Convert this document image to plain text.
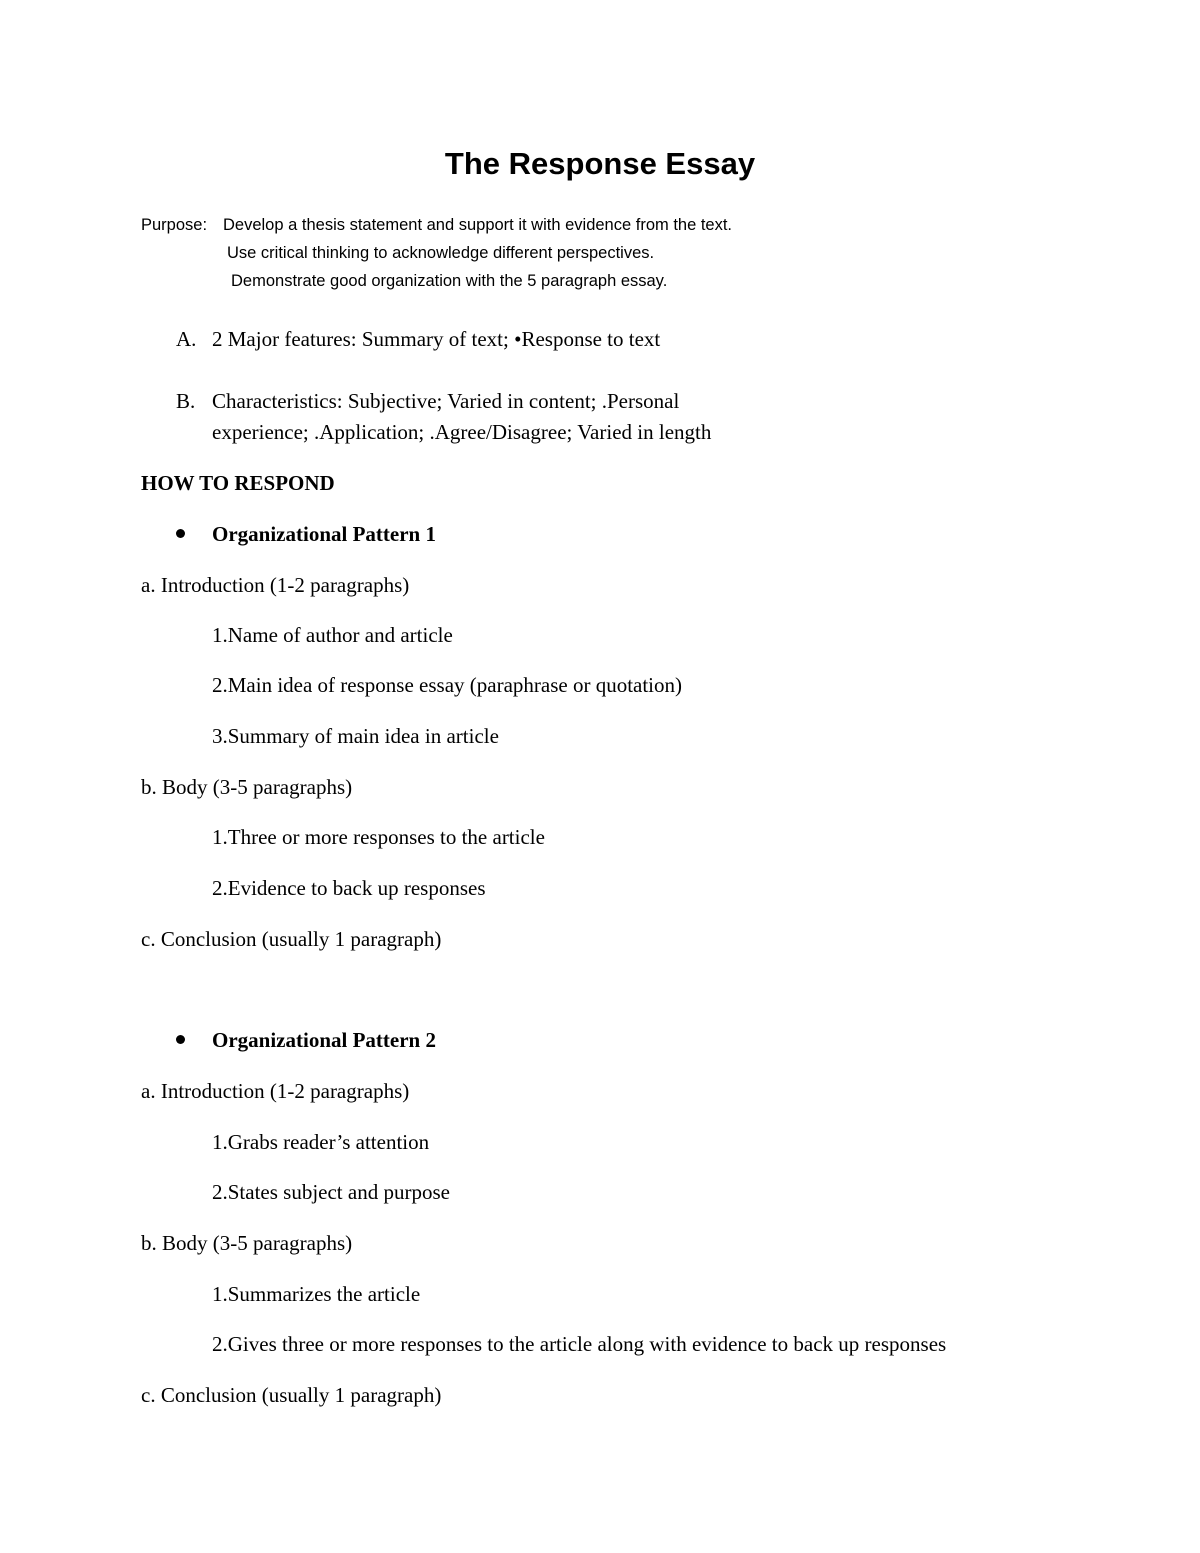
The Response Essay
Purpose: Develop a thesis statement and support it with evidence from the text.
Use critical thinking to acknowledge different perspectives.
Demonstrate good organization with the 5 paragraph essay.
A. 2 Major features: Summary of text; •Response to text
B. Characteristics: Subjective; Varied in content; .Personal
experience; .Application; .Agree/Disagree; Varied in length
HOW TO RESPOND
Organizational Pattern 1
a. Introduction (1-2 paragraphs)
1.Name of author and article
2.Main idea of response essay (paraphrase or quotation)
3.Summary of main idea in article
b. Body (3-5 paragraphs)
1.Three or more responses to the article
2.Evidence to back up responses
c. Conclusion (usually 1 paragraph)
Organizational Pattern 2
a. Introduction (1-2 paragraphs)
1.Grabs reader’s attention
2.States subject and purpose
b. Body (3-5 paragraphs)
1.Summarizes the article
2.Gives three or more responses to the article along with evidence to back up responses
c. Conclusion (usually 1 paragraph)
